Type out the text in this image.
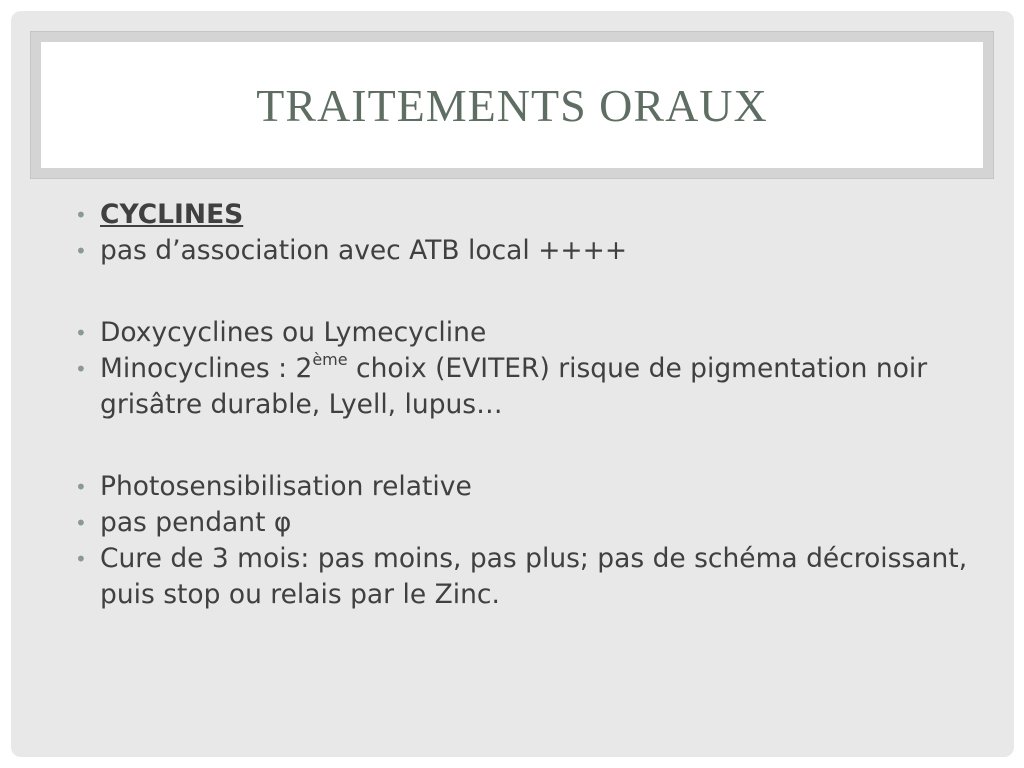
TRAITEMENTS ORAUX

• CYCLINES

• pas d’association avec ATB local ++++

• Doxycyclines ou Lymecycline

• Minocyclines : 2ème choix (EVITER) risque de pigmentation noir grisâtre durable, Lyell, lupus…

• Photosensibilisation relative

• pas pendant φ

• Cure de 3 mois: pas moins, pas plus; pas de schéma décroissant, puis stop ou relais par le Zinc.
